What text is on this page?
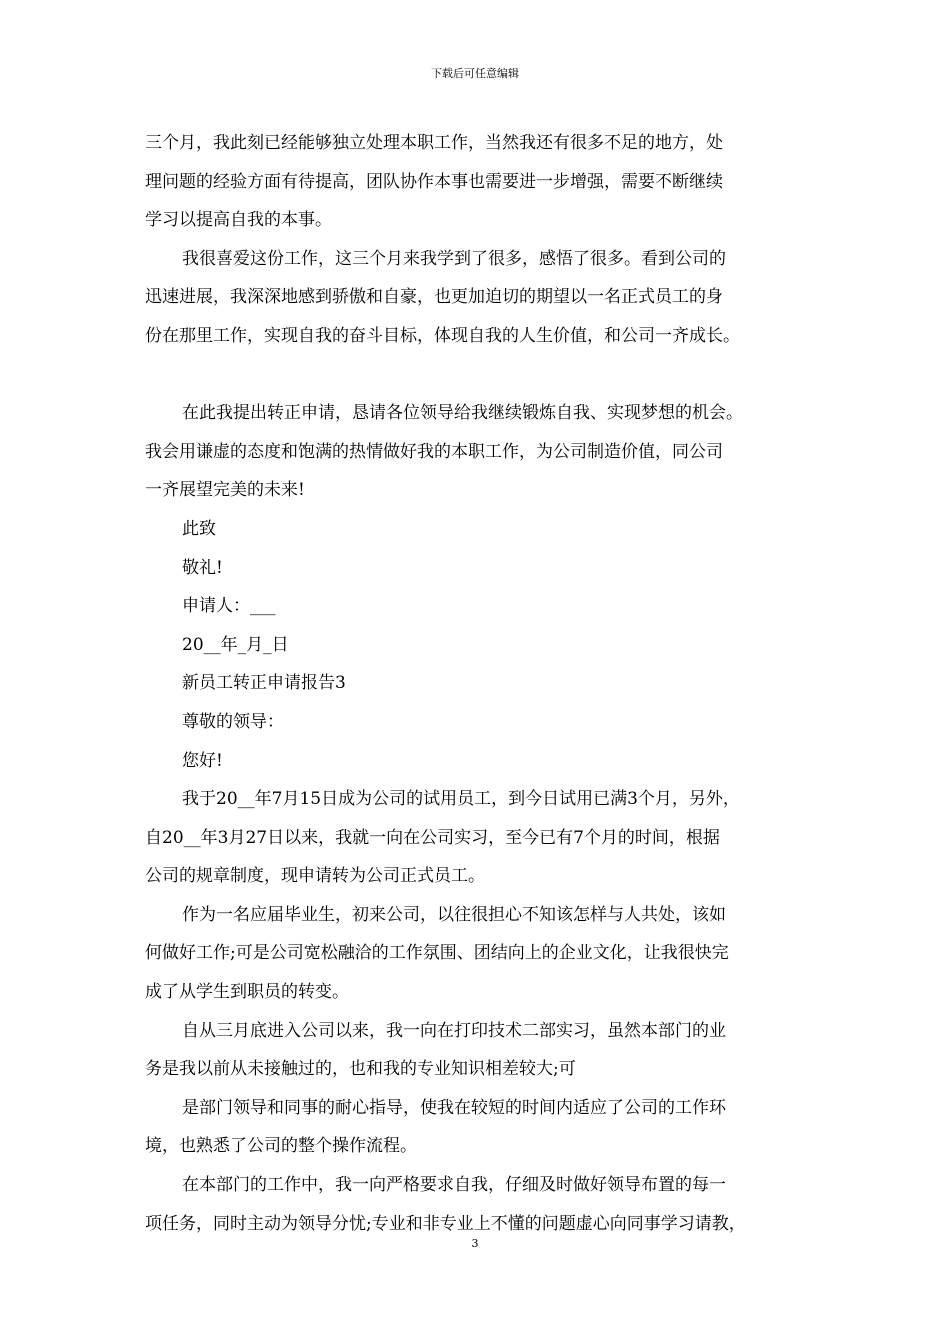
下载后可任意编辑

三个月，我此刻已经能够独立处理本职工作，当然我还有很多不足的地方，处

理问题的经验方面有待提高，团队协作本事也需要进一步增强，需要不断继续

学习以提高自我的本事。

我很喜爱这份工作，这三个月来我学到了很多，感悟了很多。看到公司的

迅速进展，我深深地感到骄傲和自豪，也更加迫切的期望以一名正式员工的身

份在那里工作，实现自我的奋斗目标，体现自我的人生价值，和公司一齐成长。

在此我提出转正申请，恳请各位领导给我继续锻炼自我、实现梦想的机会。

我会用谦虚的态度和饱满的热情做好我的本职工作，为公司制造价值，同公司

一齐展望完美的未来!

此致

敬礼!

申请人：___

20__年_月_日

新员工转正申请报告3

尊敬的领导：

您好!

我于20__年7月15日成为公司的试用员工，到今日试用已满3个月，另外，

自20__年3月27日以来，我就一向在公司实习，至今已有7个月的时间，根据

公司的规章制度，现申请转为公司正式员工。

作为一名应届毕业生，初来公司，以往很担心不知该怎样与人共处，该如

何做好工作;可是公司宽松融洽的工作氛围、团结向上的企业文化，让我很快完

成了从学生到职员的转变。

自从三月底进入公司以来，我一向在打印技术二部实习，虽然本部门的业

务是我以前从未接触过的，也和我的专业知识相差较大;可

是部门领导和同事的耐心指导，使我在较短的时间内适应了公司的工作环

境，也熟悉了公司的整个操作流程。

在本部门的工作中，我一向严格要求自我，仔细及时做好领导布置的每一

项任务，同时主动为领导分忧;专业和非专业上不懂的问题虚心向同事学习请教，

3
